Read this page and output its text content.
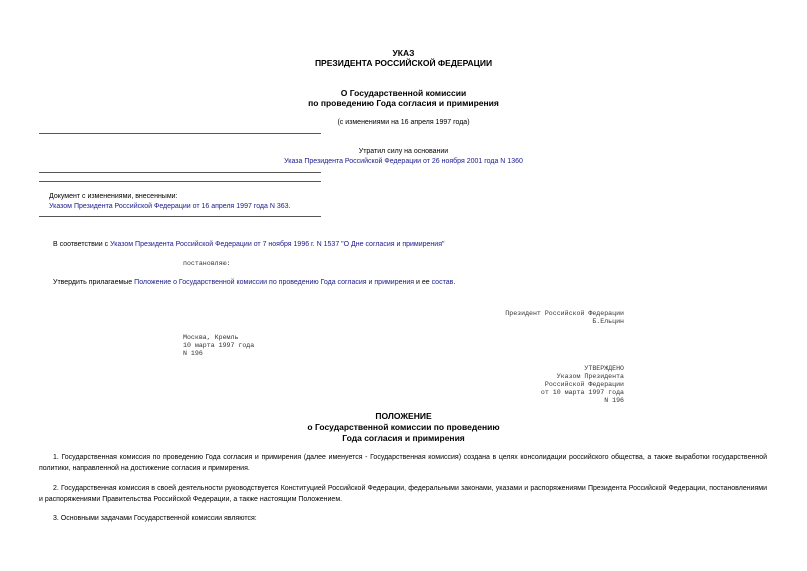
УКАЗ
ПРЕЗИДЕНТА РОССИЙСКОЙ ФЕДЕРАЦИИ
О Государственной комиссии
по проведению Года согласия и примирения
(с изменениями на 16 апреля 1997 года)
Утратил силу на основании
Указа Президента Российской Федерации от 26 ноября 2001 года N 1360
Документ с изменениями, внесенными:
Указом Президента Российской Федерации от 16 апреля 1997 года N 363.
В соответствии с Указом Президента Российской Федерации от 7 ноября 1996 г. N 1537 "О Дне согласия и примирения"
постановляю:
Утвердить прилагаемые Положение о Государственной комиссии по проведению Года согласия и примирения и ее состав.
Президент Российской Федерации
Б.Ельцин
Москва, Кремль
10 марта 1997 года
N 196
УТВЕРЖДЕНО
Указом Президента
Российской Федерации
от 10 марта 1997 года
N 196
ПОЛОЖЕНИЕ
о Государственной комиссии по проведению
Года согласия и примирения
1. Государственная комиссия по проведению Года согласия и примирения (далее именуется - Государственная комиссия) создана в целях консолидации российского общества, а также выработки государственной политики, направленной на достижение согласия и примирения.
2. Государственная комиссия в своей деятельности руководствуется Конституцией Российской Федерации, федеральными законами, указами и распоряжениями Президента Российской Федерации, постановлениями и распоряжениями Правительства Российской Федерации, а также настоящим Положением.
3. Основными задачами Государственной комиссии являются:
